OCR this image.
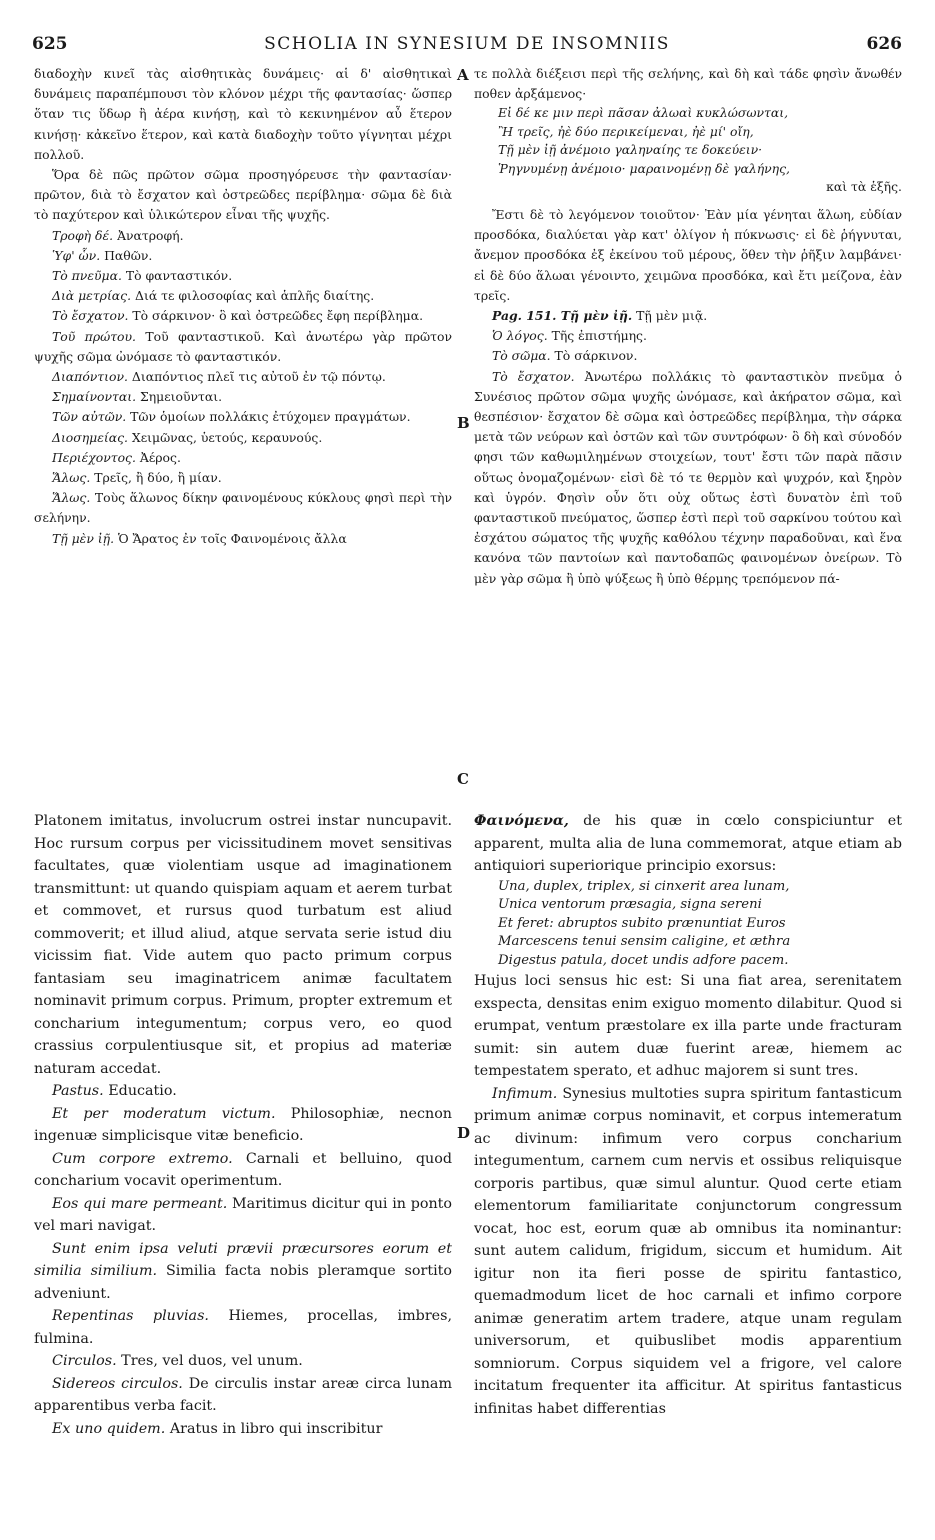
625	SCHOLIA IN SYNESIUM DE INSOMNIIS	626
A
B
C
D

διαδοχὴν κινεῖ τὰς αἰσθητικὰς δυνάμεις· αἱ δ' αἰσθητικαὶ δυνάμεις παραπέμπουσι τὸν κλόνον μέχρι τῆς φαντασίας· ὥσπερ ὅταν τις ὕδωρ ἢ ἀέρα κινήσῃ, καὶ τὸ κεκινημένον αὖ ἕτερον κινήσῃ· κἀκεῖνο ἕτερον, καὶ κατὰ διαδοχὴν τοῦτο γίγνηται μέχρι πολλοῦ.

Ὅρα δὲ πῶς πρῶτον σῶμα προσηγόρευσε τὴν φαντασίαν· πρῶτον, διὰ τὸ ἔσχατον καὶ ὀστρεῶδες περίβλημα· σῶμα δὲ διὰ τὸ παχύτερον καὶ ὑλικώτερον εἶναι τῆς ψυχῆς.

Τροφὴ δέ. Ἀνατροφή.

Ὑφ' ὧν. Παθῶν.

Τὸ πνεῦμα. Τὸ φανταστικόν.

Διὰ μετρίας. Διά τε φιλοσοφίας καὶ ἁπλῆς διαίτης.

Τὸ ἔσχατον. Τὸ σάρκινον· ὃ καὶ ὀστρεῶδες ἔφη περίβλημα.

Τοῦ πρώτου. Τοῦ φανταστικοῦ. Καὶ ἀνωτέρω γὰρ πρῶτον ψυχῆς σῶμα ὠνόμασε τὸ φανταστικόν.

Διαπόντιον. Διαπόντιος πλεῖ τις αὐτοῦ ἐν τῷ πόντῳ.

Σημαίνονται. Σημειοῦνται.

Τῶν αὐτῶν. Τῶν ὁμοίων πολλάκις ἐτύχομεν πραγμάτων.

Διοσημείας. Χειμῶνας, ὑετούς, κεραυνούς.

Περιέχοντος. Ἀέρος.

Ἅλως. Τρεῖς, ἢ δύο, ἢ μίαν.

Ἅλως. Τοὺς ἅλωνος δίκην φαινομένους κύκλους φησὶ περὶ τὴν σελήνην.

Τῇ μὲν ἰῇ. Ὁ Ἄρατος ἐν τοῖς Φαινομένοις ἄλλα

τε πολλὰ διέξεισι περὶ τῆς σελήνης, καὶ δὴ καὶ τάδε φησὶν ἄνωθέν ποθεν ἀρξάμενος·

Εἰ δέ κε μιν περὶ πᾶσαν ἀλωαὶ κυκλώσωνται,
Ἢ τρεῖς, ἠὲ δύο περικείμεναι, ἠὲ μί' οἴη,
Τῇ μὲν ἰῇ ἀνέμοιο γαληναίης τε δοκεύειν·
Ῥηγνυμένῃ ἀνέμοιο· μαραινομένῃ δὲ γαλήνης,
καὶ τὰ ἑξῆς.

Ἔστι δὲ τὸ λεγόμενον τοιοῦτον· Ἐὰν μία γένηται ἅλωη, εὐδίαν προσδόκα, διαλύεται γὰρ κατ' ὀλίγον ἡ πύκνωσις· εἰ δὲ ῥήγνυται, ἄνεμον προσδόκα ἐξ ἐκείνου τοῦ μέρους, ὅθεν τὴν ῥῆξιν λαμβάνει· εἰ δὲ δύο ἅλωαι γένοιντο, χειμῶνα προσδόκα, καὶ ἔτι μείζονα, ἐὰν τρεῖς.

Pag. 151. Τῇ μὲν ἰῇ. Τῇ μὲν μιᾷ.

Ὁ λόγος. Τῆς ἐπιστήμης.

Τὸ σῶμα. Τὸ σάρκινον.

Τὸ ἔσχατον. Ἀνωτέρω πολλάκις τὸ φανταστικὸν πνεῦμα ὁ Συνέσιος πρῶτον σῶμα ψυχῆς ὠνόμασε, καὶ ἀκήρατον σῶμα, καὶ θεσπέσιον· ἔσχατον δὲ σῶμα καὶ ὀστρεῶδες περίβλημα, τὴν σάρκα μετὰ τῶν νεύρων καὶ ὀστῶν καὶ τῶν συντρόφων· ὃ δὴ καὶ σύνοδόν φησι τῶν καθωμιλημένων στοιχείων, τουτ' ἔστι τῶν παρὰ πᾶσιν οὕτως ὀνομαζομένων· εἰσὶ δὲ τό τε θερμὸν καὶ ψυχρόν, καὶ ξηρὸν καὶ ὑγρόν. Φησὶν οὖν ὅτι οὐχ οὕτως ἐστὶ δυνατὸν ἐπὶ τοῦ φανταστικοῦ πνεύματος, ὥσπερ ἐστὶ περὶ τοῦ σαρκίνου τούτου καὶ ἐσχάτου σώματος τῆς ψυχῆς καθόλου τέχνην παραδοῦναι, καὶ ἕνα κανόνα τῶν παντοίων καὶ παντοδαπῶς φαινομένων ὀνείρων. Τὸ μὲν γὰρ σῶμα ἢ ὑπὸ ψύξεως ἢ ὑπὸ θέρμης τρεπόμενον πά-

Platonem imitatus, involucrum ostrei instar nuncupavit. Hoc rursum corpus per vicissitudinem movet sensitivas facultates, quæ violentiam usque ad imaginationem transmittunt: ut quando quispiam aquam et aerem turbat et commovet, et rursus quod turbatum est aliud commoverit; et illud aliud, atque servata serie istud diu vicissim fiat. Vide autem quo pacto primum corpus fantasiam seu imaginatricem animæ facultatem nominavit primum corpus. Primum, propter extremum et concharium integumentum; corpus vero, eo quod crassius corpulentiusque sit, et propius ad materiæ naturam accedat.

Pastus. Educatio.

Et per moderatum victum. Philosophiæ, necnon ingenuæ simplicisque vitæ beneficio.

Cum corpore extremo. Carnali et belluino, quod concharium vocavit operimentum.

Eos qui mare permeant. Maritimus dicitur qui in ponto vel mari navigat.

Sunt enim ipsa veluti prævii præcursores eorum et similia similium. Similia facta nobis pleramque sortito adveniunt.

Repentinas pluvias. Hiemes, procellas, imbres, fulmina.

Circulos. Tres, vel duos, vel unum.

Sidereos circulos. De circulis instar areæ circa lunam apparentibus verba facit.

Ex uno quidem. Aratus in libro qui inscribitur

Φαινόμενα, de his quæ in cœlo conspiciuntur et apparent, multa alia de luna commemorat, atque etiam ab antiquiori superiorique principio exorsus:

Una, duplex, triplex, si cinxerit area lunam,
Unica ventorum præsagia, signa sereni
Et feret: abruptos subito prænuntiat Euros
Marcescens tenui sensim caligine, et æthra
Digestus patula, docet undis adfore pacem.

Hujus loci sensus hic est: Si una fiat area, serenitatem exspecta, densitas enim exiguo momento dilabitur. Quod si erumpat, ventum præstolare ex illa parte unde fracturam sumit: sin autem duæ fuerint areæ, hiemem ac tempestatem sperato, et adhuc majorem si sunt tres.

Infimum. Synesius multoties supra spiritum fantasticum primum animæ corpus nominavit, et corpus intemeratum ac divinum: infimum vero corpus concharium integumentum, carnem cum nervis et ossibus reliquisque corporis partibus, quæ simul aluntur. Quod certe etiam elementorum familiaritate conjunctorum congressum vocat, hoc est, eorum quæ ab omnibus ita nominantur: sunt autem calidum, frigidum, siccum et humidum. Ait igitur non ita fieri posse de spiritu fantastico, quemadmodum licet de hoc carnali et infimo corpore animæ generatim artem tradere, atque unam regulam universorum, et quibuslibet modis apparentium somniorum. Corpus siquidem vel a frigore, vel calore incitatum frequenter ita afficitur. At spiritus fantasticus infinitas habet differentias
